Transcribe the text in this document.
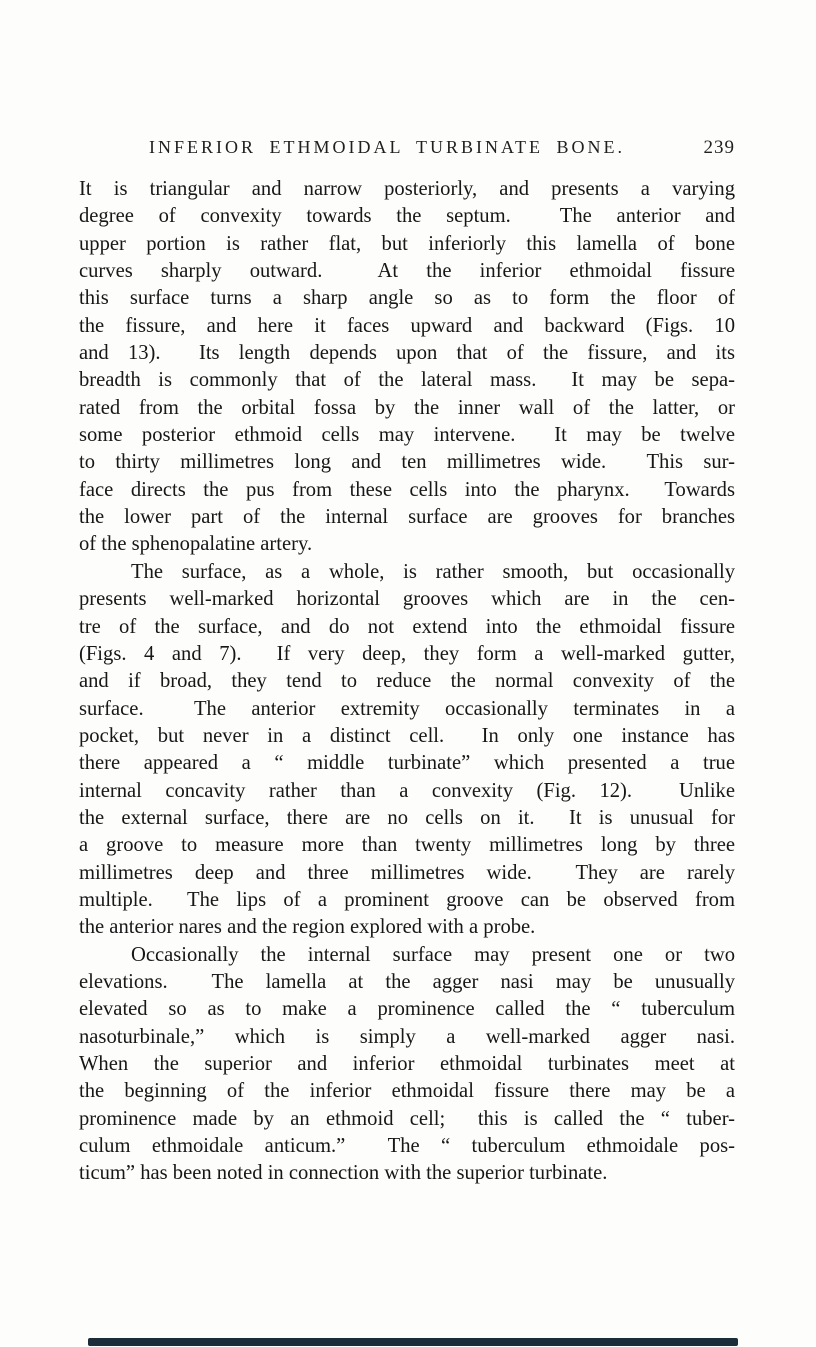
INFERIOR ETHMOIDAL TURBINATE BONE.	239
It is triangular and narrow posteriorly, and presents a varying
degree of convexity towards the septum.  The anterior and
upper portion is rather flat, but inferiorly this lamella of bone
curves sharply outward.  At the inferior ethmoidal fissure
this surface turns a sharp angle so as to form the floor of
the fissure, and here it faces upward and backward (Figs. 10
and 13).  Its length depends upon that of the fissure, and its
breadth is commonly that of the lateral mass.  It may be sepa-
rated from the orbital fossa by the inner wall of the latter, or
some posterior ethmoid cells may intervene.  It may be twelve
to thirty millimetres long and ten millimetres wide.  This sur-
face directs the pus from these cells into the pharynx.  Towards
the lower part of the internal surface are grooves for branches
of the sphenopalatine artery.
The surface, as a whole, is rather smooth, but occasionally
presents well-marked horizontal grooves which are in the cen-
tre of the surface, and do not extend into the ethmoidal fissure
(Figs. 4 and 7).  If very deep, they form a well-marked gutter,
and if broad, they tend to reduce the normal convexity of the
surface.  The anterior extremity occasionally terminates in a
pocket, but never in a distinct cell.  In only one instance has
there appeared a “ middle turbinate” which presented a true
internal concavity rather than a convexity (Fig. 12).  Unlike
the external surface, there are no cells on it.  It is unusual for
a groove to measure more than twenty millimetres long by three
millimetres deep and three millimetres wide.  They are rarely
multiple.  The lips of a prominent groove can be observed from
the anterior nares and the region explored with a probe.
Occasionally the internal surface may present one or two
elevations.  The lamella at the agger nasi may be unusually
elevated so as to make a prominence called the “ tuberculum
nasoturbinale,” which is simply a well-marked agger nasi.
When the superior and inferior ethmoidal turbinates meet at
the beginning of the inferior ethmoidal fissure there may be a
prominence made by an ethmoid cell;  this is called the “ tuber-
culum ethmoidale anticum.”  The “ tuberculum ethmoidale pos-
ticum” has been noted in connection with the superior turbinate.
